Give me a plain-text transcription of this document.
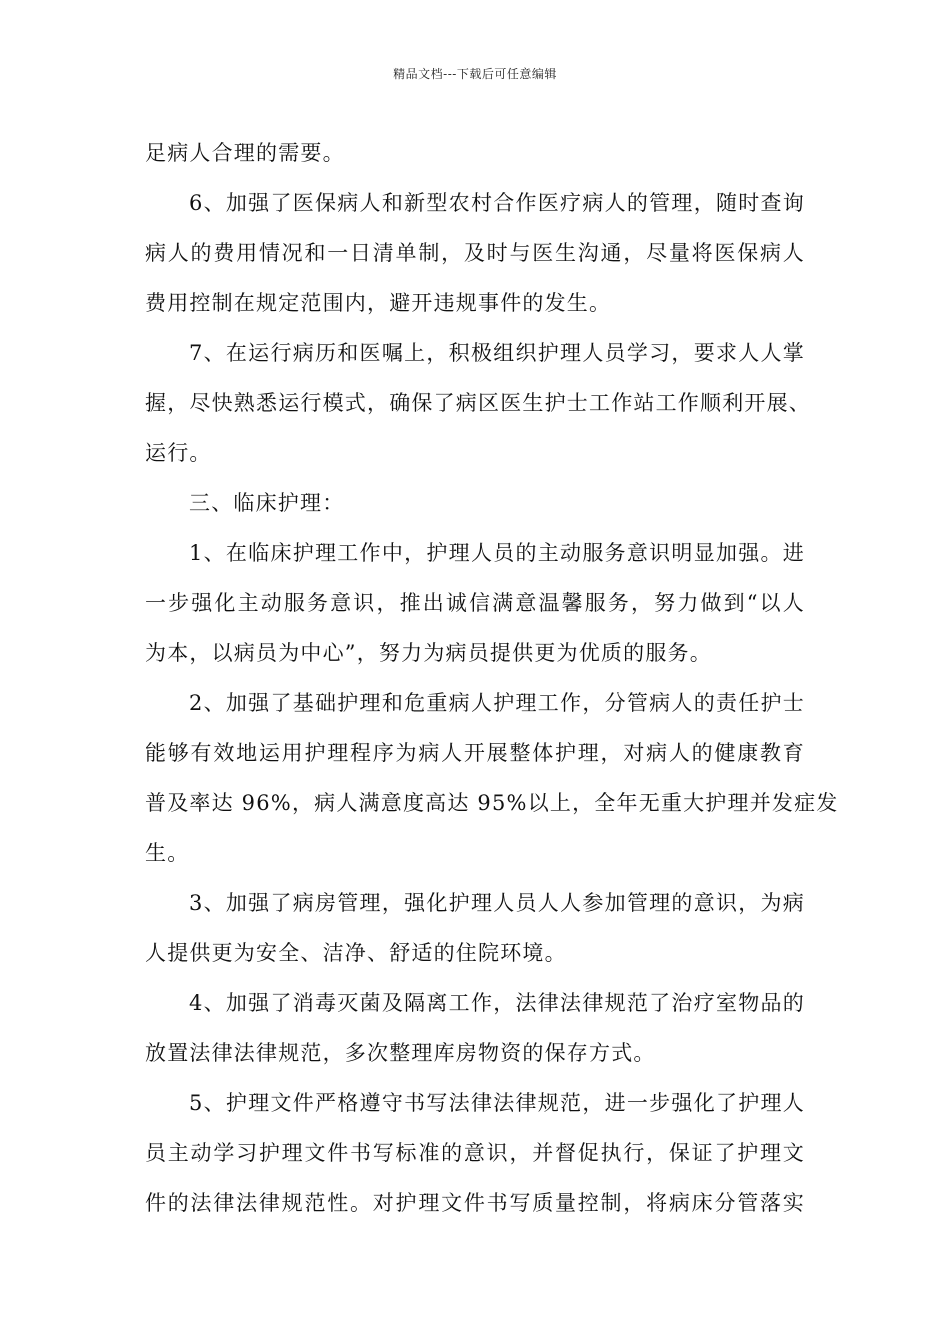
精品文档---下载后可任意编辑
足病人合理的需要。
6、加强了医保病人和新型农村合作医疗病人的管理，随时查询
病人的费用情况和一日清单制，及时与医生沟通，尽量将医保病人
费用控制在规定范围内，避开违规事件的发生。
7、在运行病历和医嘱上，积极组织护理人员学习，要求人人掌
握，尽快熟悉运行模式，确保了病区医生护士工作站工作顺利开展、
运行。
三、临床护理：
1、在临床护理工作中，护理人员的主动服务意识明显加强。进
一步强化主动服务意识，推出诚信满意温馨服务，努力做到“以人
为本，以病员为中心”，努力为病员提供更为优质的服务。
2、加强了基础护理和危重病人护理工作，分管病人的责任护士
能够有效地运用护理程序为病人开展整体护理，对病人的健康教育
普及率达 96%，病人满意度高达 95%以上，全年无重大护理并发症发
生。
3、加强了病房管理，强化护理人员人人参加管理的意识，为病
人提供更为安全、洁净、舒适的住院环境。
4、加强了消毒灭菌及隔离工作，法律法律规范了治疗室物品的
放置法律法律规范，多次整理库房物资的保存方式。
5、护理文件严格遵守书写法律法律规范，进一步强化了护理人
员主动学习护理文件书写标准的意识，并督促执行，保证了护理文
件的法律法律规范性。对护理文件书写质量控制，将病床分管落实
